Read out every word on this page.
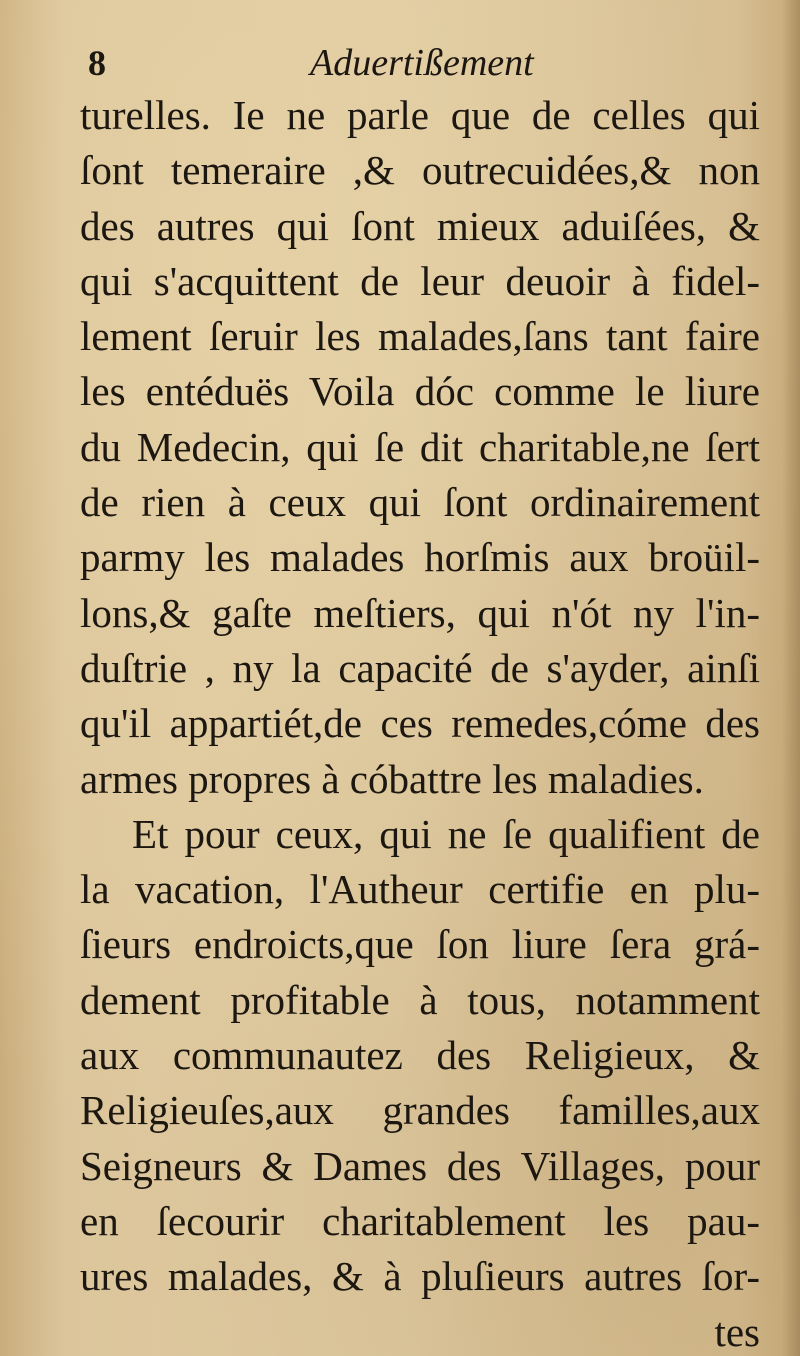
8	Aduertißement
turelles. Ie ne parle que de celles qui
ſont temeraire ,& outrecuidées,& non
des autres qui ſont mieux aduiſées, &
qui s'acquittent de leur deuoir à fidel-
lement ſeruir les malades,ſans tant faire
les entéduës Voila dóc comme le liure
du Medecin, qui ſe dit charitable,ne ſert
de rien à ceux qui ſont ordinairement
parmy les malades horſmis aux broüil-
lons,& gaſte meſtiers, qui n'ót ny l'in-
duſtrie , ny la capacité de s'ayder, ainſi
qu'il appartiét,de ces remedes,cóme des
armes propres à cóbattre les maladies.
Et pour ceux, qui ne ſe qualifient de
la vacation, l'Autheur certifie en plu-
ſieurs endroicts,que ſon liure ſera grá-
dement profitable à tous, notamment
aux communautez des Religieux, &
Religieuſes,aux grandes familles,aux
Seigneurs & Dames des Villages, pour
en ſecourir charitablement les pau-
ures malades, & à pluſieurs autres ſor-
tes
